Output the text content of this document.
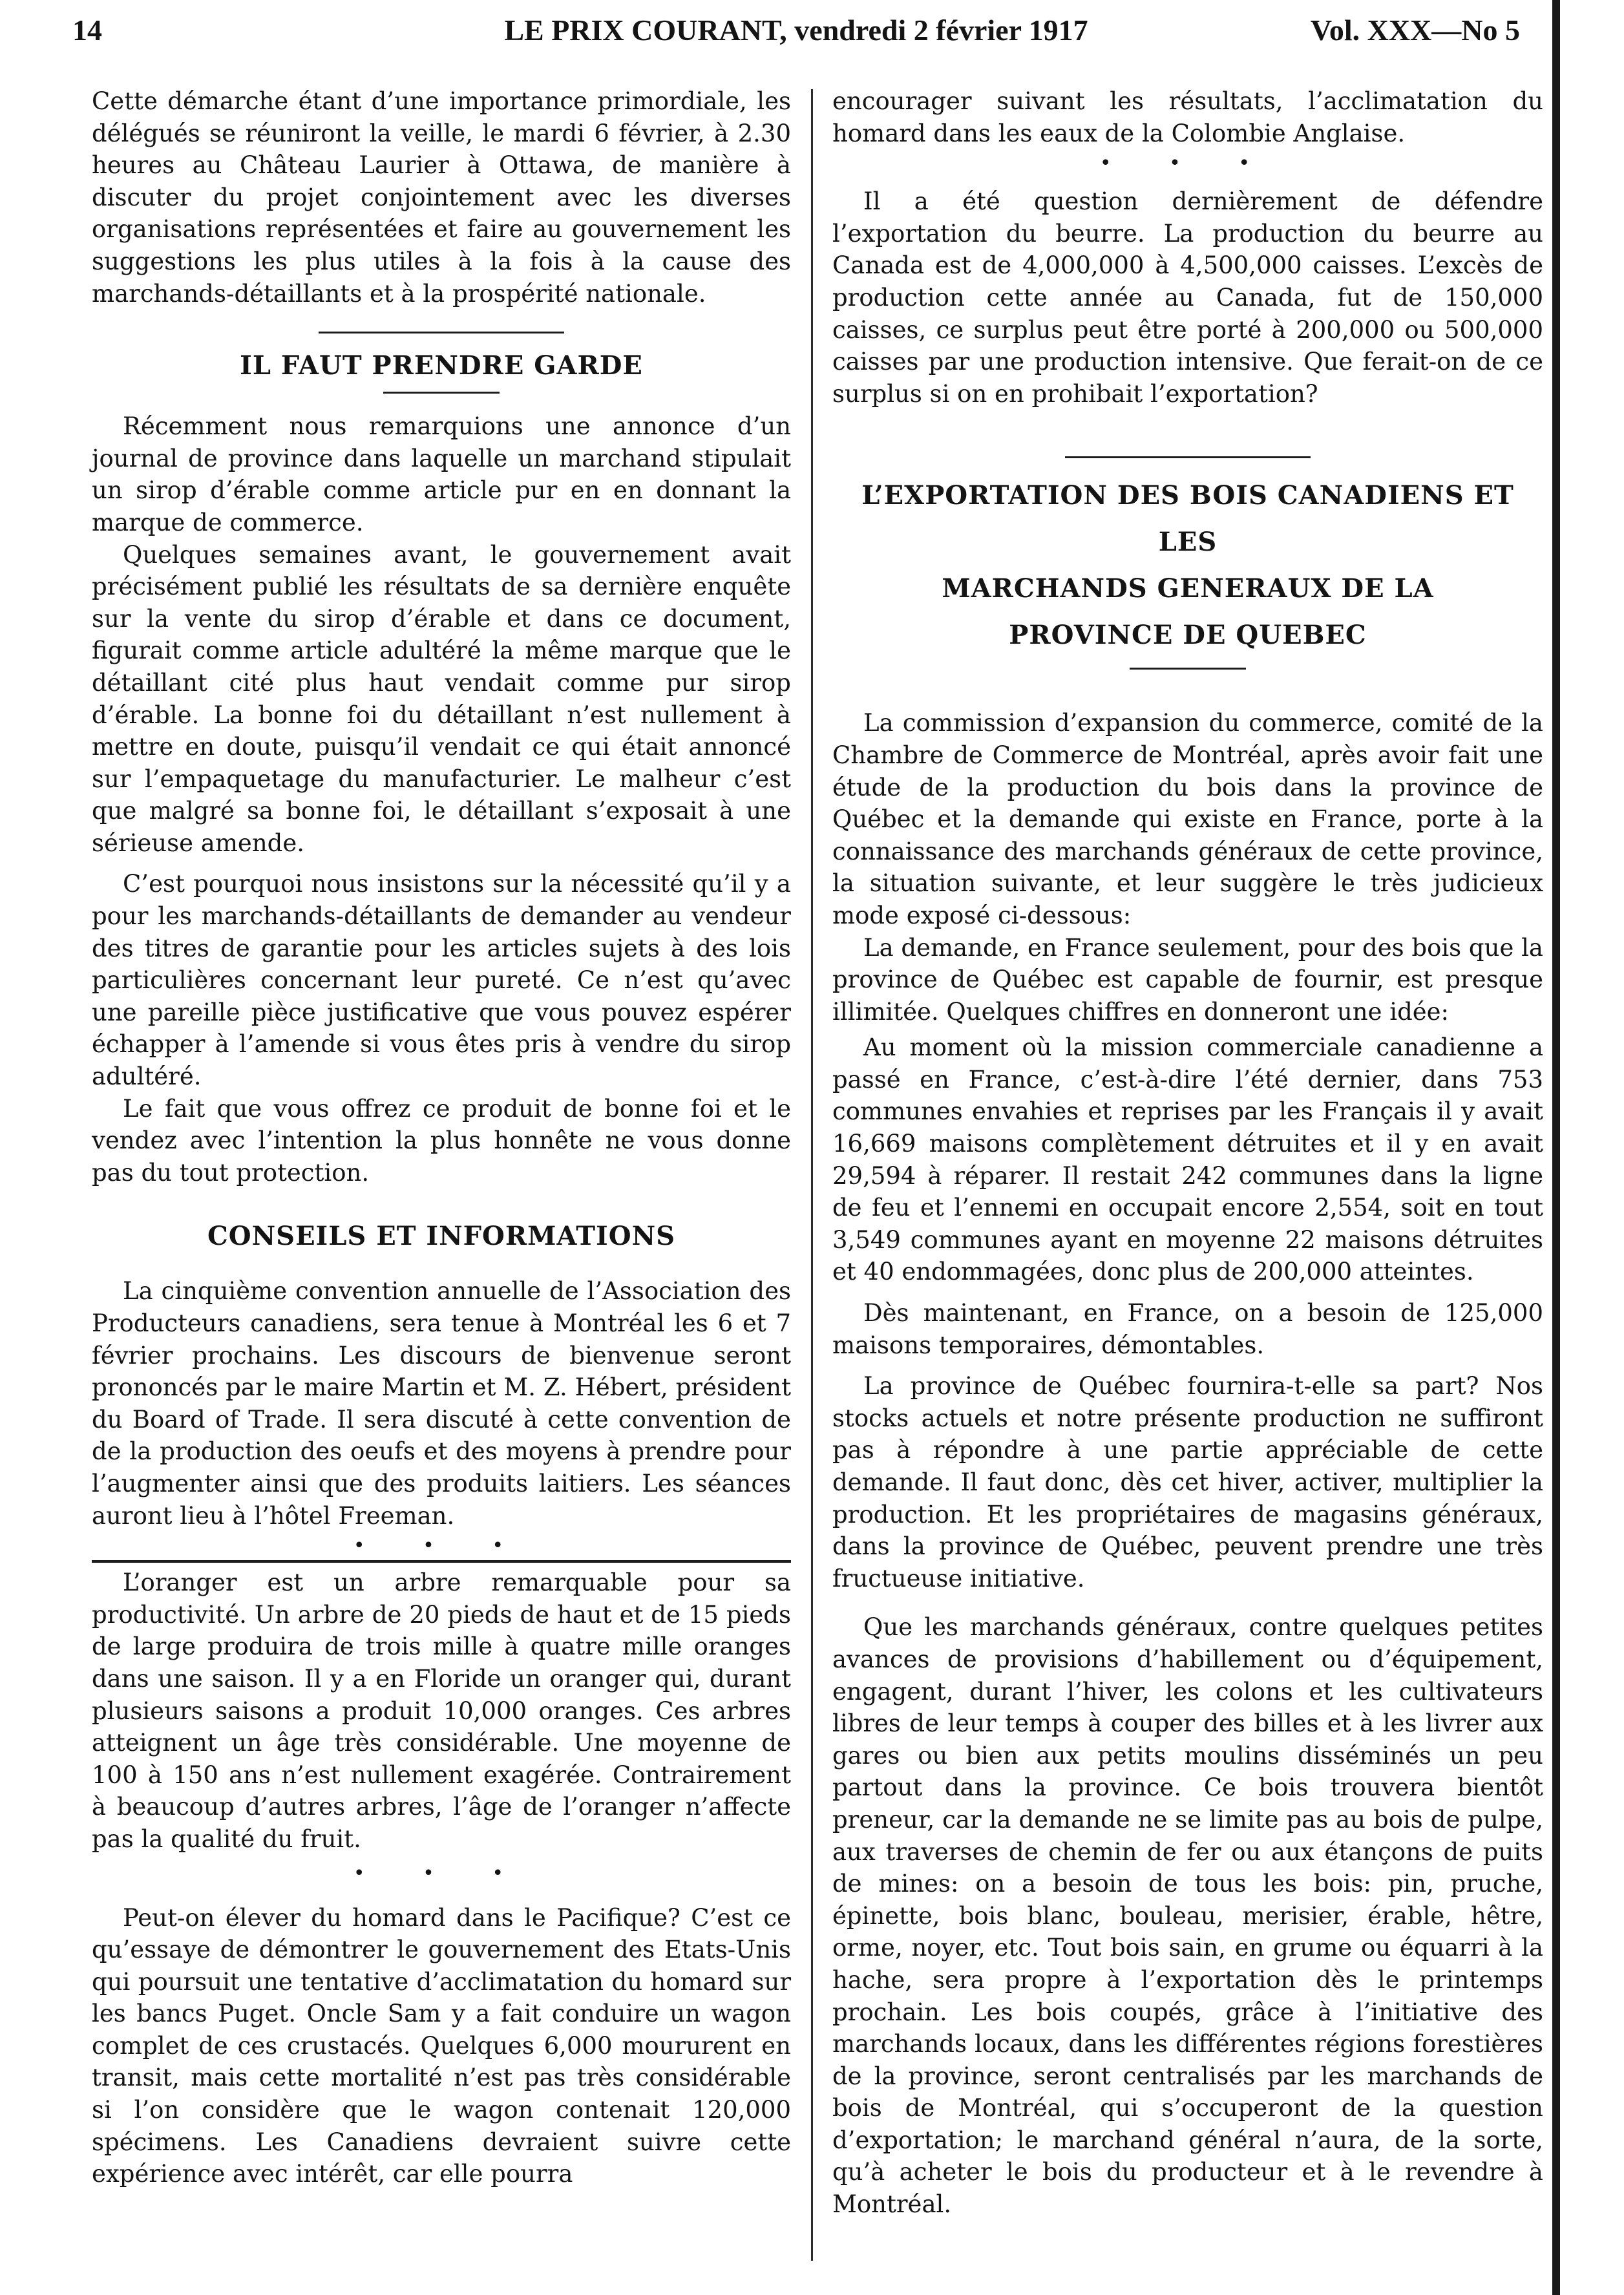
14	LE PRIX COURANT, vendredi 2 février 1917	Vol. XXX—No 5

Cette démarche étant d’une importance primordiale, les délégués se réuniront la veille, le mardi 6 février, à 2.30 heures au Château Laurier à Ottawa, de manière à discuter du projet conjointement avec les diverses organisations représentées et faire au gouvernement les suggestions les plus utiles à la fois à la cause des marchands-détaillants et à la prospérité nationale.

IL FAUT PRENDRE GARDE

Récemment nous remarquions une annonce d’un journal de province dans laquelle un marchand stipulait un sirop d’érable comme article pur en en donnant la marque de commerce.

Quelques semaines avant, le gouvernement avait précisément publié les résultats de sa dernière enquête sur la vente du sirop d’érable et dans ce document, figurait comme article adultéré la même marque que le détaillant cité plus haut vendait comme pur sirop d’érable. La bonne foi du détaillant n’est nullement à mettre en doute, puisqu’il vendait ce qui était annoncé sur l’empaquetage du manufacturier. Le malheur c’est que malgré sa bonne foi, le détaillant s’exposait à une sérieuse amende.

C’est pourquoi nous insistons sur la nécessité qu’il y a pour les marchands-détaillants de demander au vendeur des titres de garantie pour les articles sujets à des lois particulières concernant leur pureté. Ce n’est qu’avec une pareille pièce justificative que vous pouvez espérer échapper à l’amende si vous êtes pris à vendre du sirop adultéré.

Le fait que vous offrez ce produit de bonne foi et le vendez avec l’intention la plus honnête ne vous donne pas du tout protection.

CONSEILS ET INFORMATIONS

La cinquième convention annuelle de l’Association des Producteurs canadiens, sera tenue à Montréal les 6 et 7 février prochains. Les discours de bienvenue seront prononcés par le maire Martin et M. Z. Hébert, président du Board of Trade. Il sera discuté à cette convention de de la production des oeufs et des moyens à prendre pour l’augmenter ainsi que des produits laitiers. Les séances auront lieu à l’hôtel Freeman.

• • •

L’oranger est un arbre remarquable pour sa productivité. Un arbre de 20 pieds de haut et de 15 pieds de large produira de trois mille à quatre mille oranges dans une saison. Il y a en Floride un oranger qui, durant plusieurs saisons a produit 10,000 oranges. Ces arbres atteignent un âge très considérable. Une moyenne de 100 à 150 ans n’est nullement exagérée. Contrairement à beaucoup d’autres arbres, l’âge de l’oranger n’affecte pas la qualité du fruit.

• • •

Peut-on élever du homard dans le Pacifique? C’est ce qu’essaye de démontrer le gouvernement des Etats-Unis qui poursuit une tentative d’acclimatation du homard sur les bancs Puget. Oncle Sam y a fait conduire un wagon complet de ces crustacés. Quelques 6,000 moururent en transit, mais cette mortalité n’est pas très considérable si l’on considère que le wagon contenait 120,000 spécimens. Les Canadiens devraient suivre cette expérience avec intérêt, car elle pourra

encourager suivant les résultats, l’acclimatation du homard dans les eaux de la Colombie Anglaise.

• • •

Il a été question dernièrement de défendre l’exportation du beurre. La production du beurre au Canada est de 4,000,000 à 4,500,000 caisses. L’excès de production cette année au Canada, fut de 150,000 caisses, ce surplus peut être porté à 200,000 ou 500,000 caisses par une production intensive. Que ferait-on de ce surplus si on en prohibait l’exportation?

L’EXPORTATION DES BOIS CANADIENS ET LES

MARCHANDS GENERAUX DE LA

PROVINCE DE QUEBEC

La commission d’expansion du commerce, comité de la Chambre de Commerce de Montréal, après avoir fait une étude de la production du bois dans la province de Québec et la demande qui existe en France, porte à la connaissance des marchands généraux de cette province, la situation suivante, et leur suggère le très judicieux mode exposé ci-dessous:

La demande, en France seulement, pour des bois que la province de Québec est capable de fournir, est presque illimitée. Quelques chiffres en donneront une idée:

Au moment où la mission commerciale canadienne a passé en France, c’est-à-dire l’été dernier, dans 753 communes envahies et reprises par les Français il y avait 16,669 maisons complètement détruites et il y en avait 29,594 à réparer. Il restait 242 communes dans la ligne de feu et l’ennemi en occupait encore 2,554, soit en tout 3,549 communes ayant en moyenne 22 maisons détruites et 40 endommagées, donc plus de 200,000 atteintes.

Dès maintenant, en France, on a besoin de 125,000 maisons temporaires, démontables.

La province de Québec fournira-t-elle sa part? Nos stocks actuels et notre présente production ne suffiront pas à répondre à une partie appréciable de cette demande. Il faut donc, dès cet hiver, activer, multiplier la production. Et les propriétaires de magasins généraux, dans la province de Québec, peuvent prendre une très fructueuse initiative.

Que les marchands généraux, contre quelques petites avances de provisions d’habillement ou d’équipement, engagent, durant l’hiver, les colons et les cultivateurs libres de leur temps à couper des billes et à les livrer aux gares ou bien aux petits moulins disséminés un peu partout dans la province. Ce bois trouvera bientôt preneur, car la demande ne se limite pas au bois de pulpe, aux traverses de chemin de fer ou aux étançons de puits de mines: on a besoin de tous les bois: pin, pruche, épinette, bois blanc, bouleau, merisier, érable, hêtre, orme, noyer, etc. Tout bois sain, en grume ou équarri à la hache, sera propre à l’exportation dès le printemps prochain. Les bois coupés, grâce à l’initiative des marchands locaux, dans les différentes régions forestières de la province, seront centralisés par les marchands de bois de Montréal, qui s’occuperont de la question d’exportation; le marchand général n’aura, de la sorte, qu’à acheter le bois du producteur et à le revendre à Montréal.
